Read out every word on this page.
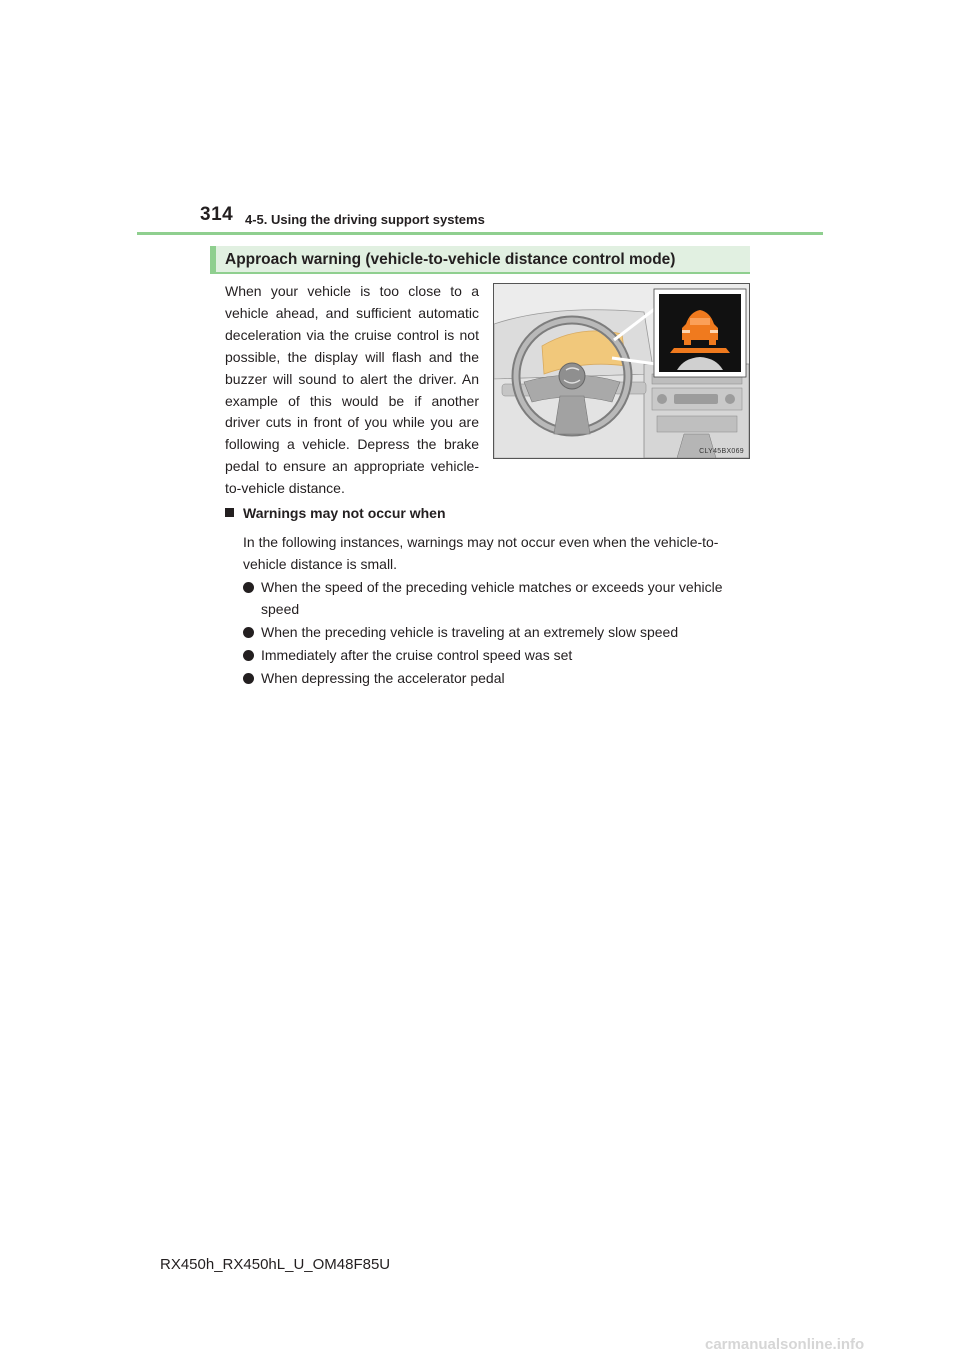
314 4-5. Using the driving support systems
Approach warning (vehicle-to-vehicle distance control mode)

When your vehicle is too close to a vehicle ahead, and sufficient automatic deceleration via the cruise control is not possible, the display will flash and the buzzer will sound to alert the driver. An example of this would be if another driver cuts in front of you while you are following a vehicle. Depress the brake pedal to ensure an appropriate vehicle-to-vehicle distance.

CLY45BX069
Warnings may not occur when

In the following instances, warnings may not occur even when the vehicle-to-vehicle distance is small.

When the speed of the preceding vehicle matches or exceeds your vehicle speed
When the preceding vehicle is traveling at an extremely slow speed
Immediately after the cruise control speed was set
When depressing the accelerator pedal
RX450h_RX450hL_U_OM48F85U
carmanualsonline.info
